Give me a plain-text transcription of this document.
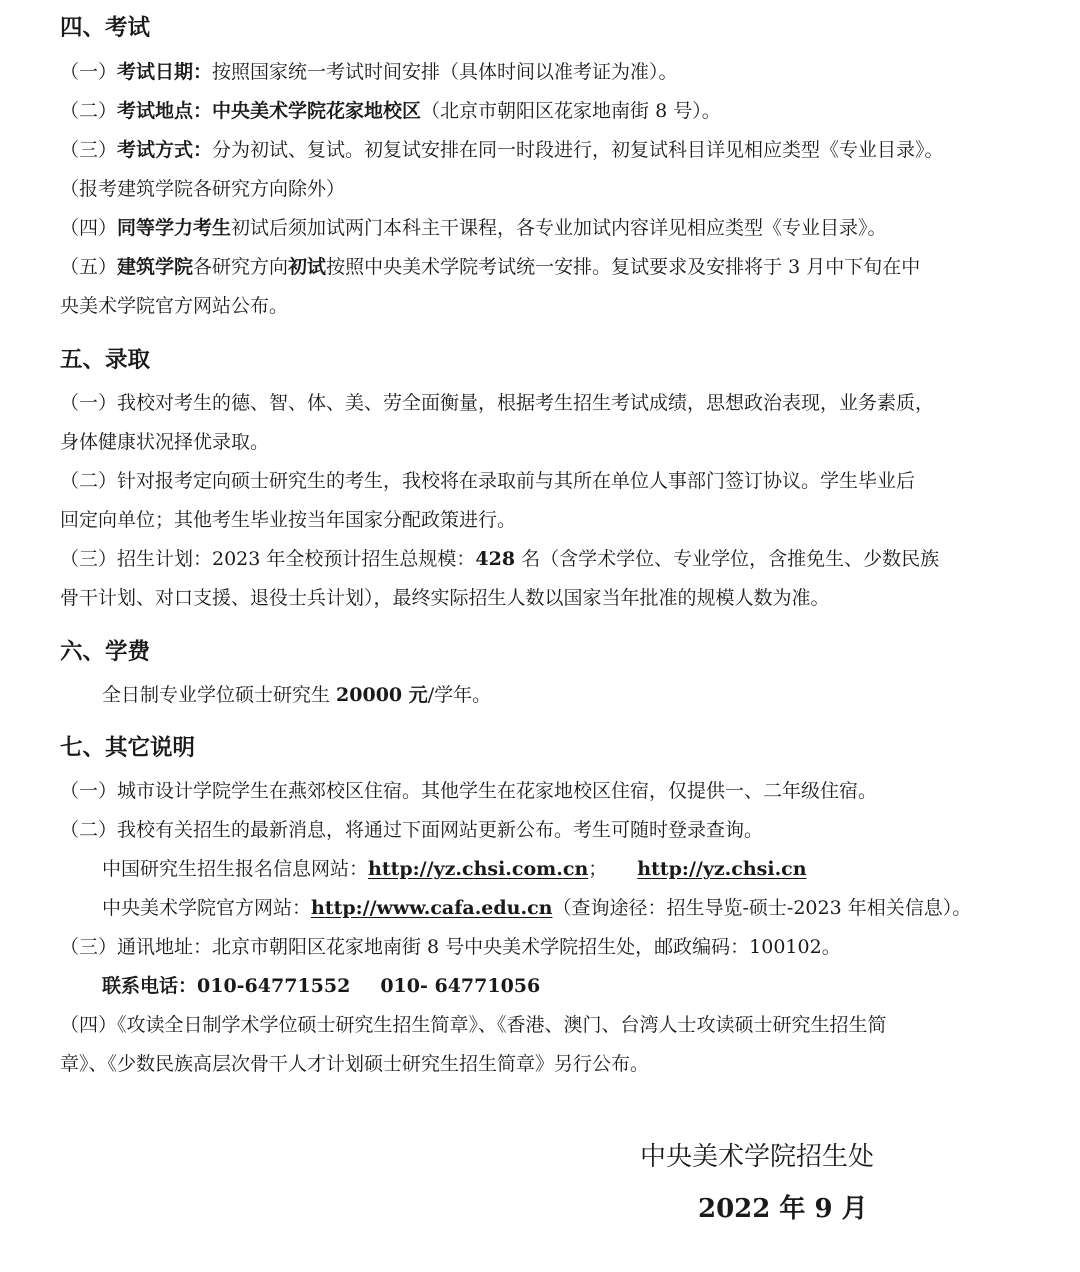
四、考试
（一）考试日期：按照国家统一考试时间安排（具体时间以准考证为准）。
（二）考试地点：中央美术学院花家地校区（北京市朝阳区花家地南街 8 号）。
（三）考试方式：分为初试、复试。初复试安排在同一时段进行，初复试科目详见相应类型《专业目录》。
（报考建筑学院各研究方向除外）
（四）同等学力考生初试后须加试两门本科主干课程，各专业加试内容详见相应类型《专业目录》。
（五）建筑学院各研究方向初试按照中央美术学院考试统一安排。复试要求及安排将于 3 月中下旬在中
央美术学院官方网站公布。
五、录取
（一）我校对考生的德、智、体、美、劳全面衡量，根据考生招生考试成绩，思想政治表现，业务素质，
身体健康状况择优录取。
（二）针对报考定向硕士研究生的考生，我校将在录取前与其所在单位人事部门签订协议。学生毕业后
回定向单位；其他考生毕业按当年国家分配政策进行。
（三）招生计划：2023 年全校预计招生总规模：428 名（含学术学位、专业学位，含推免生、少数民族
骨干计划、对口支援、退役士兵计划），最终实际招生人数以国家当年批准的规模人数为准。
六、学费
全日制专业学位硕士研究生 20000 元/学年。
七、其它说明
（一）城市设计学院学生在燕郊校区住宿。其他学生在花家地校区住宿，仅提供一、二年级住宿。
（二）我校有关招生的最新消息，将通过下面网站更新公布。考生可随时登录查询。
中国研究生招生报名信息网站：http://yz.chsi.com.cn； http://yz.chsi.cn
中央美术学院官方网站：http://www.cafa.edu.cn（查询途径：招生导览-硕士-2023 年相关信息）。
（三）通讯地址：北京市朝阳区花家地南街 8 号中央美术学院招生处，邮政编码：100102。
联系电话：010-64771552 010- 64771056
（四）《攻读全日制学术学位硕士研究生招生简章》、《香港、澳门、台湾人士攻读硕士研究生招生简
章》、《少数民族高层次骨干人才计划硕士研究生招生简章》另行公布。
中央美术学院招生处
2022 年 9 月
